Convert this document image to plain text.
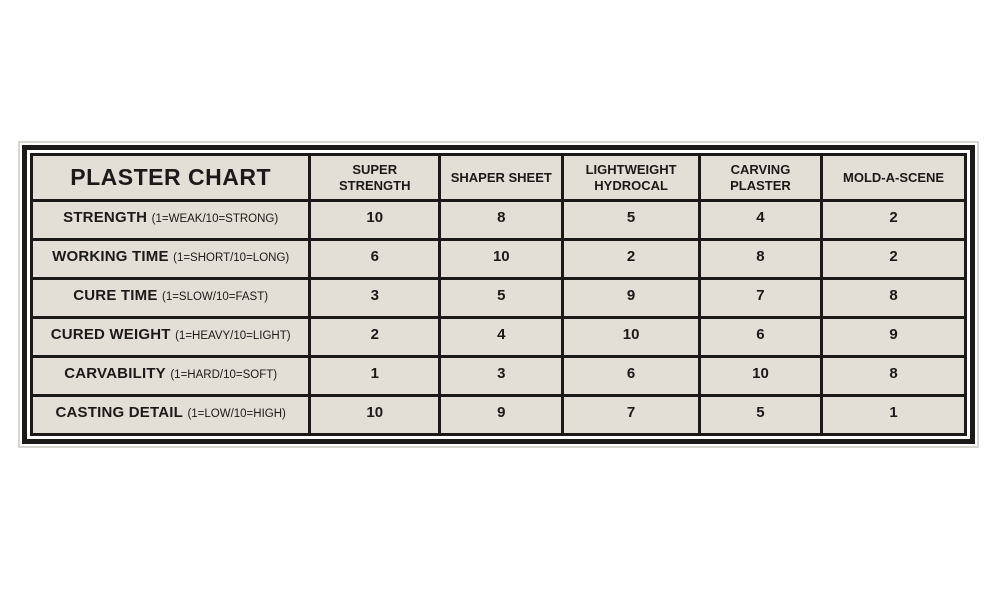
PLASTER CHART	SUPER STRENGTH	SHAPER SHEET	LIGHTWEIGHT HYDROCAL	CARVING PLASTER	MOLD-A-SCENE
STRENGTH (1=WEAK/10=STRONG)	10	8	5	4	2
WORKING TIME (1=SHORT/10=LONG)	6	10	2	8	2
CURE TIME (1=SLOW/10=FAST)	3	5	9	7	8
CURED WEIGHT (1=HEAVY/10=LIGHT)	2	4	10	6	9
CARVABILITY (1=HARD/10=SOFT)	1	3	6	10	8
CASTING DETAIL (1=LOW/10=HIGH)	10	9	7	5	1
